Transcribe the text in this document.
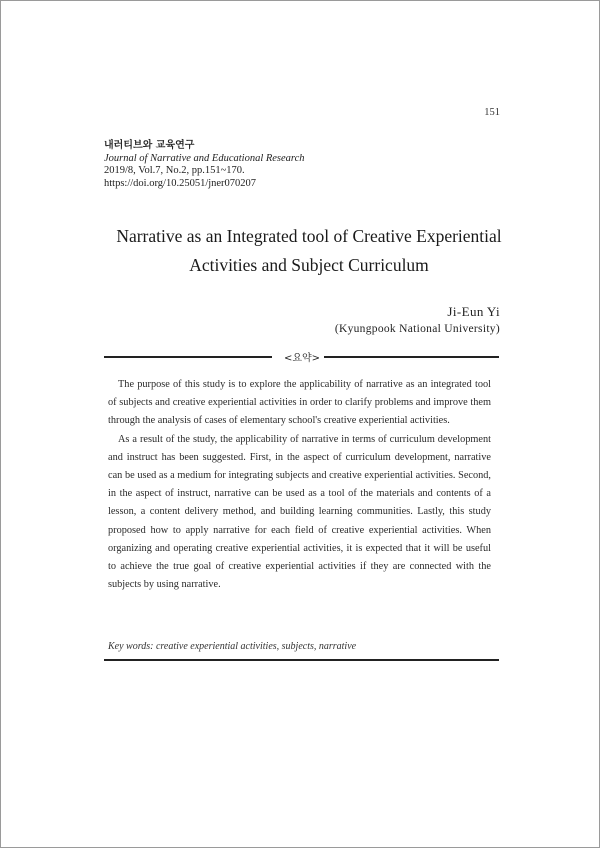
151
내러티브와 교육연구
Journal of Narrative and Educational Research
2019/8, Vol.7, No.2, pp.151~170.
https://doi.org/10.25051/jner070207
Narrative as an Integrated tool of Creative Experiential
Activities and Subject Curriculum
Ji-Eun Yi
(Kyungpook National University)
<요약>

The purpose of this study is to explore the applicability of narrative as an integrated tool of subjects and creative experiential activities in order to clarify problems and improve them through the analysis of cases of elementary school's creative experiential activities.

As a result of the study, the applicability of narrative in terms of curriculum development and instruct has been suggested. First, in the aspect of curriculum development, narrative can be used as a medium for integrating subjects and creative experiential activities. Second, in the aspect of instruct, narrative can be used as a tool of the materials and contents of a lesson, a content delivery method, and building learning communities. Lastly, this study proposed how to apply narrative for each field of creative experiential activities. When organizing and operating creative experiential activities, it is expected that it will be useful to achieve the true goal of creative experiential activities if they are connected with the subjects by using narrative.

Key words: creative experiential activities, subjects, narrative
